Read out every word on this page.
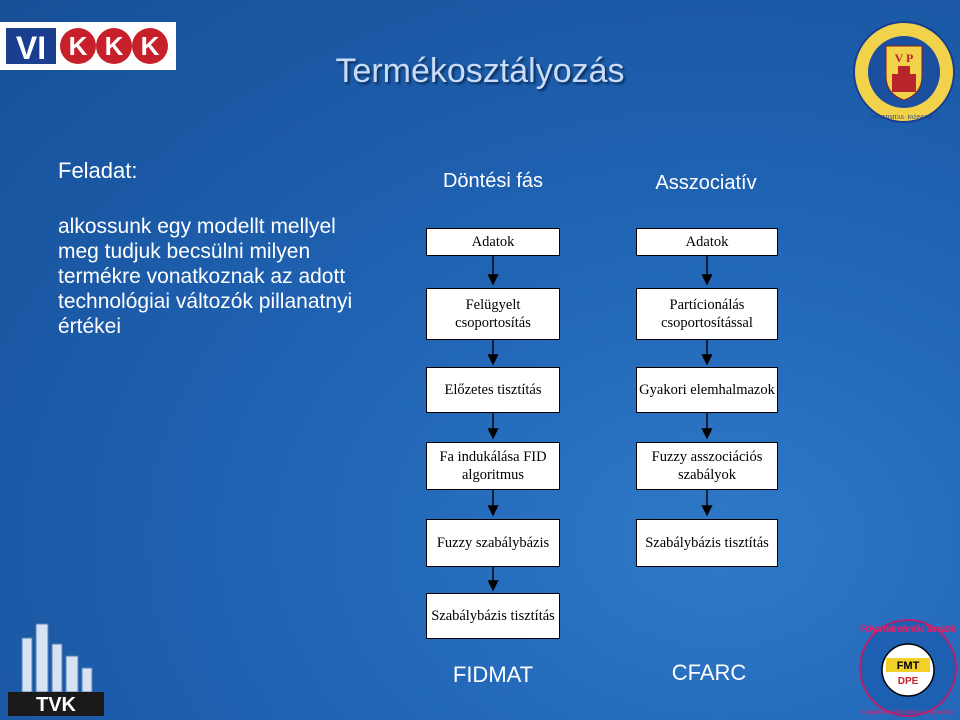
VI K K K
Termékosztályozás	V P
UNIVERSITAS · PANNONICA
Feladat:
alkossunk egy modellt mellyel meg tudjuk becsülni milyen termékre vonatkoznak az adott technológiai változók pillanatnyi értékei
Döntési fás	Asszociatív
Adatok
Felügyelt csoportosítás
Előzetes tisztítás
Fa indukálása FID algoritmus
Fuzzy szabálybázis
Szabálybázis tisztítás
Adatok
Partícionálás csoportosítással
Gyakori elemhalmazok
Fuzzy asszociációs szabályok
Szabálybázis tisztítás
FIDMAT	CFARC
TVK
Folyamatmérnöki Tanszék
Department of Process Engineering
FMT
DPE
